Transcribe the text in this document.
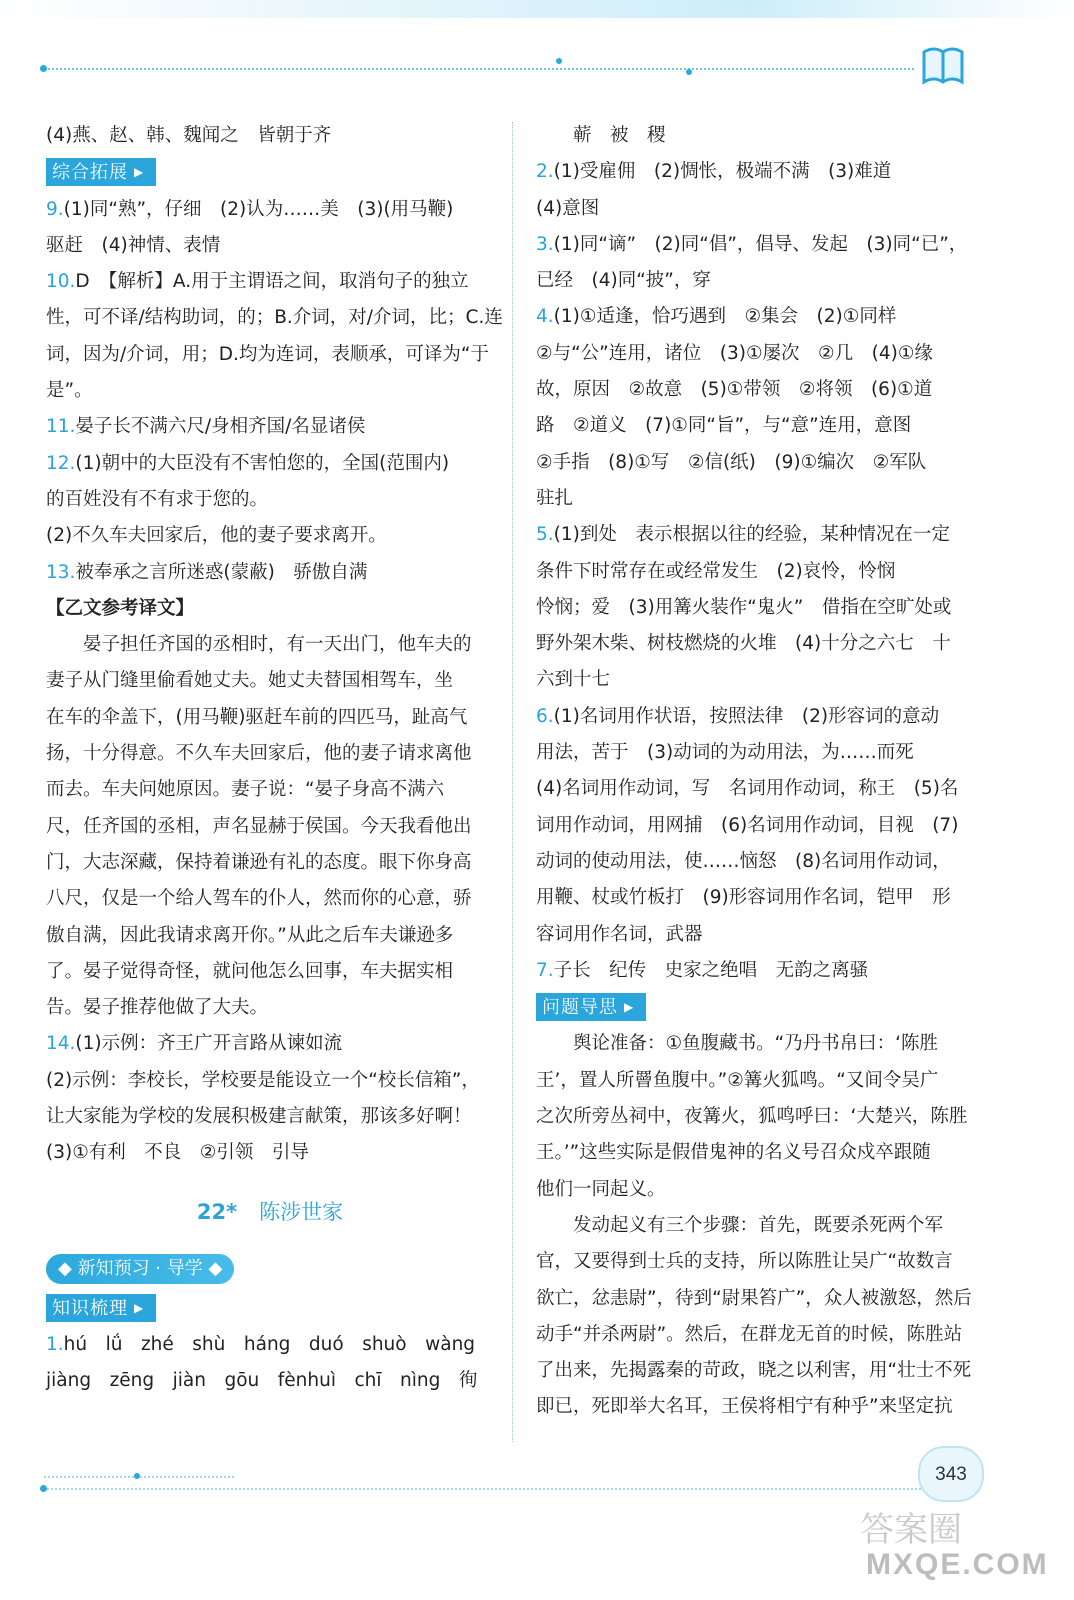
(4)燕、赵、韩、魏闻之　皆朝于齐
综合拓展 ▶
9.(1)同“熟”，仔细　(2)认为……美　(3)(用马鞭)
驱赶　(4)神情、表情
10.D　【解析】A.用于主谓语之间，取消句子的独立
性，可不译/结构助词，的；B.介词，对/介词，比；C.连
词，因为/介词，用；D.均为连词，表顺承，可译为“于
是”。
11.晏子长不满六尺/身相齐国/名显诸侯
12.(1)朝中的大臣没有不害怕您的，全国(范围内)
的百姓没有不有求于您的。
(2)不久车夫回家后，他的妻子要求离开。
13.被奉承之言所迷惑(蒙蔽)　骄傲自满
【乙文参考译文】
晏子担任齐国的丞相时，有一天出门，他车夫的
妻子从门缝里偷看她丈夫。她丈夫替国相驾车，坐
在车的伞盖下，(用马鞭)驱赶车前的四匹马，趾高气
扬，十分得意。不久车夫回家后，他的妻子请求离他
而去。车夫问她原因。妻子说：“晏子身高不满六
尺，任齐国的丞相，声名显赫于侯国。今天我看他出
门，大志深藏，保持着谦逊有礼的态度。眼下你身高
八尺，仅是一个给人驾车的仆人，然而你的心意，骄
傲自满，因此我请求离开你。”从此之后车夫谦逊多
了。晏子觉得奇怪，就问他怎么回事，车夫据实相
告。晏子推荐他做了大夫。
14.(1)示例：齐王广开言路从谏如流
(2)示例：李校长，学校要是能设立一个“校长信箱”，
让大家能为学校的发展积极建言献策，那该多好啊！
(3)①有利　不良　②引领　引导
22* 陈涉世家
◆ 新知预习 · 导学 ◆
知识梳理 ▶
1.hú　lǘ　zhé　shù　háng　duó　shuò　wàng
jiàng　zēng　jiàn　gōu　fènhuì　chī　nìng　徇
　　蕲　被　稷
2.(1)受雇佣　(2)惆怅，极端不满　(3)难道
(4)意图
3.(1)同“谪”　(2)同“倡”，倡导、发起　(3)同“已”，
已经　(4)同“披”，穿
4.(1)①适逢，恰巧遇到　②集会　(2)①同样
②与“公”连用，诸位　(3)①屡次　②几　(4)①缘
故，原因　②故意　(5)①带领　②将领　(6)①道
路　②道义　(7)①同“旨”，与“意”连用，意图
②手指　(8)①写　②信(纸)　(9)①编次　②军队
驻扎
5.(1)到处　表示根据以往的经验，某种情况在一定
条件下时常存在或经常发生　(2)哀怜，怜悯
怜悯；爱　(3)用篝火装作“鬼火”　借指在空旷处或
野外架木柴、树枝燃烧的火堆　(4)十分之六七　十
六到十七
6.(1)名词用作状语，按照法律　(2)形容词的意动
用法，苦于　(3)动词的为动用法，为……而死
(4)名词用作动词，写　名词用作动词，称王　(5)名
词用作动词，用网捕　(6)名词用作动词，目视　(7)
动词的使动用法，使……恼怒　(8)名词用作动词，
用鞭、杖或竹板打　(9)形容词用作名词，铠甲　形
容词用作名词，武器
7.子长　纪传　史家之绝唱　无韵之离骚
问题导思 ▶
舆论准备：①鱼腹藏书。“乃丹书帛曰：‘陈胜
王’，置人所罾鱼腹中。”②篝火狐鸣。“又间令吴广
之次所旁丛祠中，夜篝火，狐鸣呼曰：‘大楚兴，陈胜
王。’”这些实际是假借鬼神的名义号召众戍卒跟随
他们一同起义。
发动起义有三个步骤：首先，既要杀死两个军
官，又要得到士兵的支持，所以陈胜让吴广“故数言
欲亡，忿恚尉”，待到“尉果笞广”，众人被激怒，然后
动手“并杀两尉”。然后，在群龙无首的时候，陈胜站
了出来，先揭露秦的苛政，晓之以利害，用“壮士不死
即已，死即举大名耳，王侯将相宁有种乎”来坚定抗
343
答案圈
MXQE.COM
